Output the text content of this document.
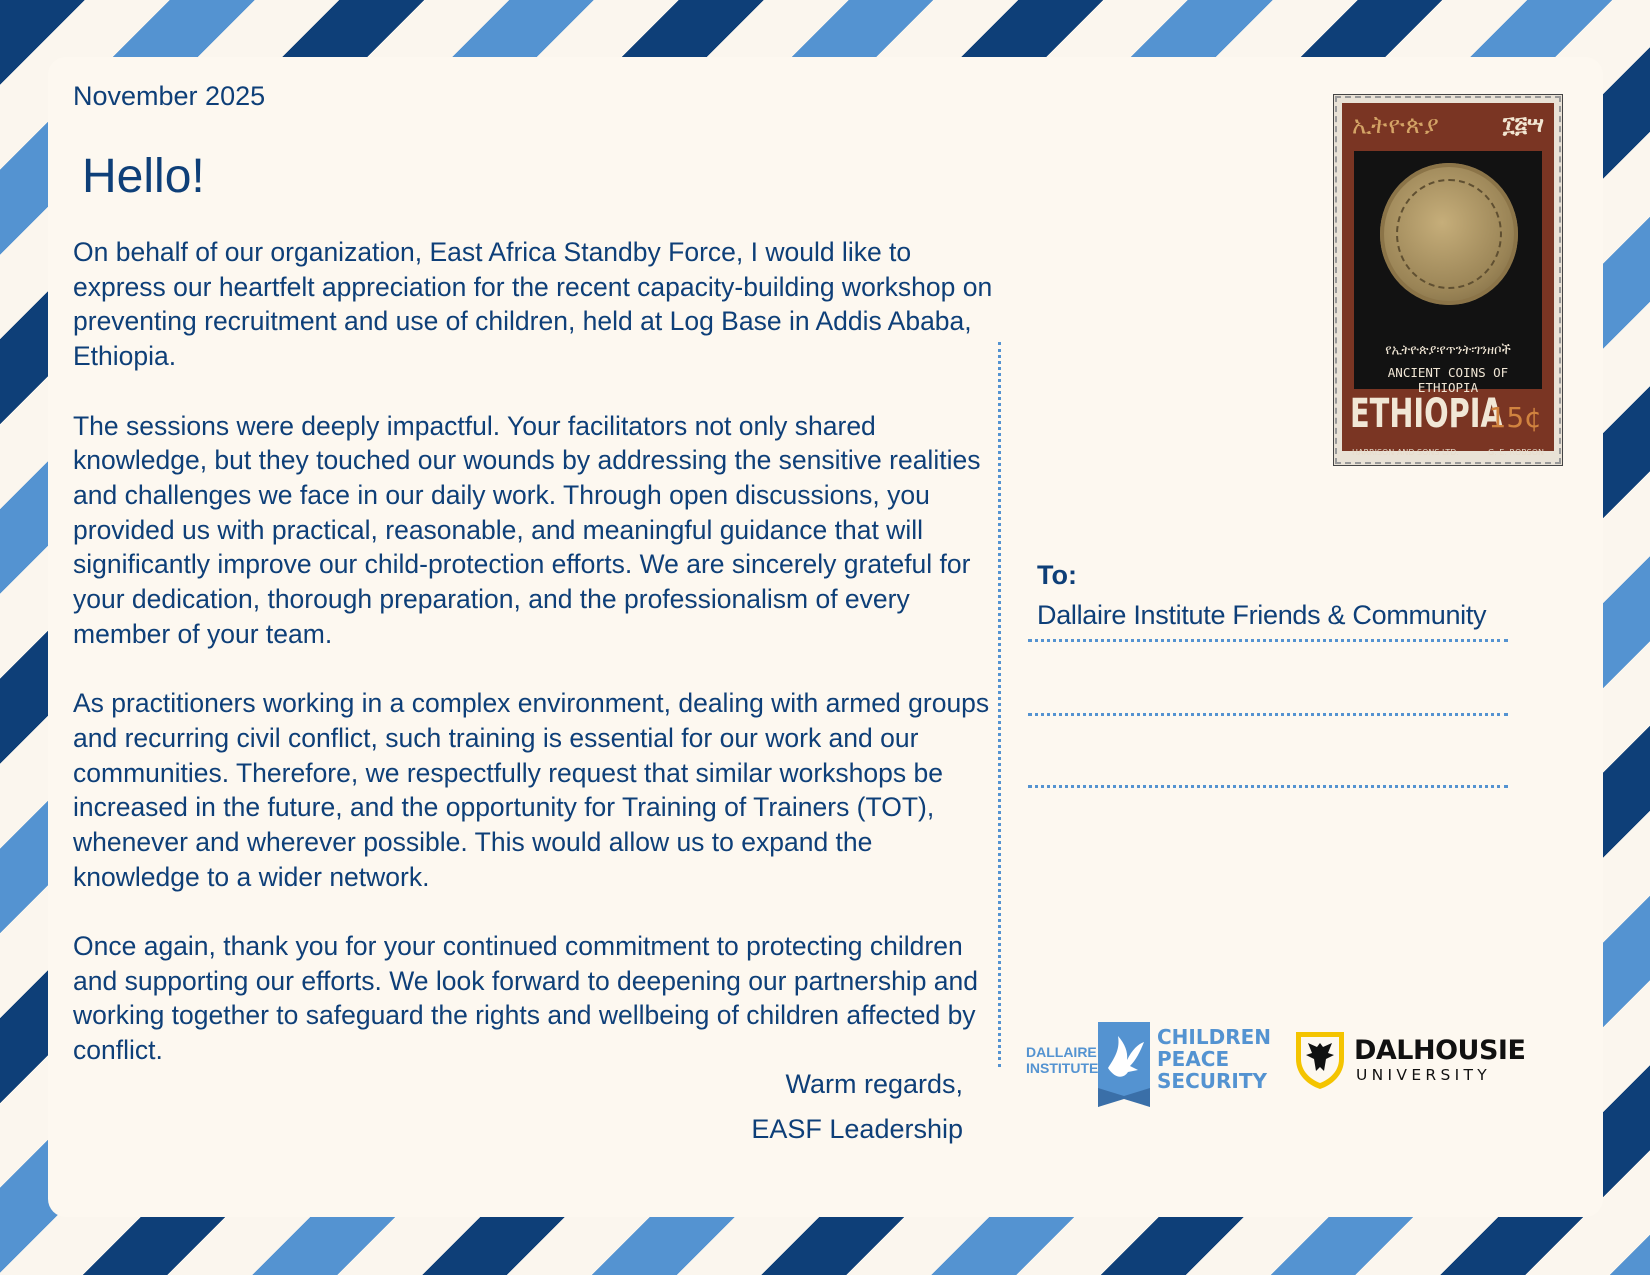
November 2025
Hello!

On behalf of our organization, East Africa Standby Force, I would like to express our heartfelt appreciation for the recent capacity-building workshop on preventing recruitment and use of children, held at Log Base in Addis Ababa, Ethiopia.

The sessions were deeply impactful. Your facilitators not only shared knowledge, but they touched our wounds by addressing the sensitive realities and challenges we face in our daily work. Through open discussions, you provided us with practical, reasonable, and meaningful guidance that will significantly improve our child-protection efforts. We are sincerely grateful for your dedication, thorough preparation, and the professionalism of every member of your team.

As practitioners working in a complex environment, dealing with armed groups and recurring civil conflict, such training is essential for our work and our communities. Therefore, we respectfully request that similar workshops be increased in the future, and the opportunity for Training of Trainers (TOT), whenever and wherever possible. This would allow us to expand the knowledge to a wider network.

Once again, thank you for your continued commitment to protecting children and supporting our efforts. We look forward to deepening our partnership and working together to safeguard the rights and wellbeing of children affected by conflict.

Warm regards,
EASF Leadership
ኢትዮጵያ	፲፭ሣ
የኢትዮጵያ፡የጥንት፡ገንዘቦች
ANCIENT COINS OF ETHIOPIA
ETHIOPIA
15¢
HARRISON AND SONS LTD.	G. E. ROBSON
To:
Dallaire Institute Friends & Community
DALLAIRE
INSTITUTE
CHILDREN
PEACE
SECURITY
DALHOUSIE
UNIVERSITY
